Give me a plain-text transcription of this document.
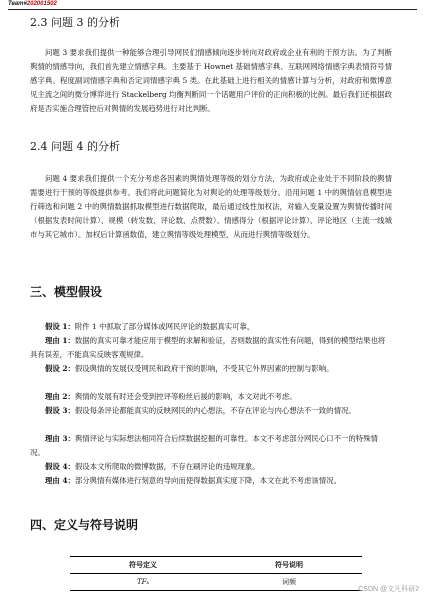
Team#202001502
2.3 问题 3 的分析

问题 3 要求我们提供一种能够合理引导网民们情感倾向逐步转向对政府或企业有利的干预方法。为了判断舆情的情感导向，我们首先建立情感字典。主要基于 Hownet 基础情感字典、互联网网络情感字典表情符号情感字典、程度副词情感字典和否定词情感字典 5 类。在此基础上进行相关的情感计算与分析，对政府和微博意见主流之间的微分博弈进行 Stackelberg 均衡判断同一个话题用户评价的正向积极的比例。最后我们还根据政府是否实施合理管控后对舆情的发展趋势进行对比判断。

2.4 问题 4 的分析

问题 4 要求我们提供一个充分考虑各因素的舆情处理等级的划分方法，为政府或企业处于不同阶段的舆情需要进行干预的等级提供参考。我们将此问题简化为对舆论的处理等级划分。沿用问题 1 中的舆情信息模型进行筛选和问题 2 中的舆情数据抓取模型进行数据爬取，最后通过线性加权法，对输入变量设置为舆情传播时间（根据发表时间计算）、规模（转发数、评论数、点赞数）、情感得分（根据评论计算）、评论地区（主流一线城市与其它城市）。加权后计算函数值，建立舆情等级处理模型，从而进行舆情等级划分。

三、模型假设

假设 1：附件 1 中抓取了部分媒体或网民评论的数据真实可靠，

理由 1：数据的真实可靠才能应用于模型的求解和验证，否则数据的真实性有问题，得到的模型结果也将具有误差，不能真实反映客观规律。

假设 2：假设舆情的发展仅受网民和政府干预的影响，不受其它外界因素的控制与影响。

理由 2：舆情的发展有时还会受到控评等粉丝后援的影响，本文对此不考虑。

假设 3：假设每条评论都能真实的反映网民的内心想法，不存在评论与内心想法不一致的情况。

理由 3：舆情评论与实际想法相同符合后续数据挖掘的可靠性。本文不考虑部分网民心口不一的特殊情况。

假设 4：假设本文所爬取的微博数据，不存在刷评论的违规现象。

理由 4：部分舆情有媒体进行刻意的导向而使得数据真实度下降，本文在此不考虑该情况。

四、定义与符号说明
符号定义	符号说明
TFₖ	词频
CSDN @文凡科研2
